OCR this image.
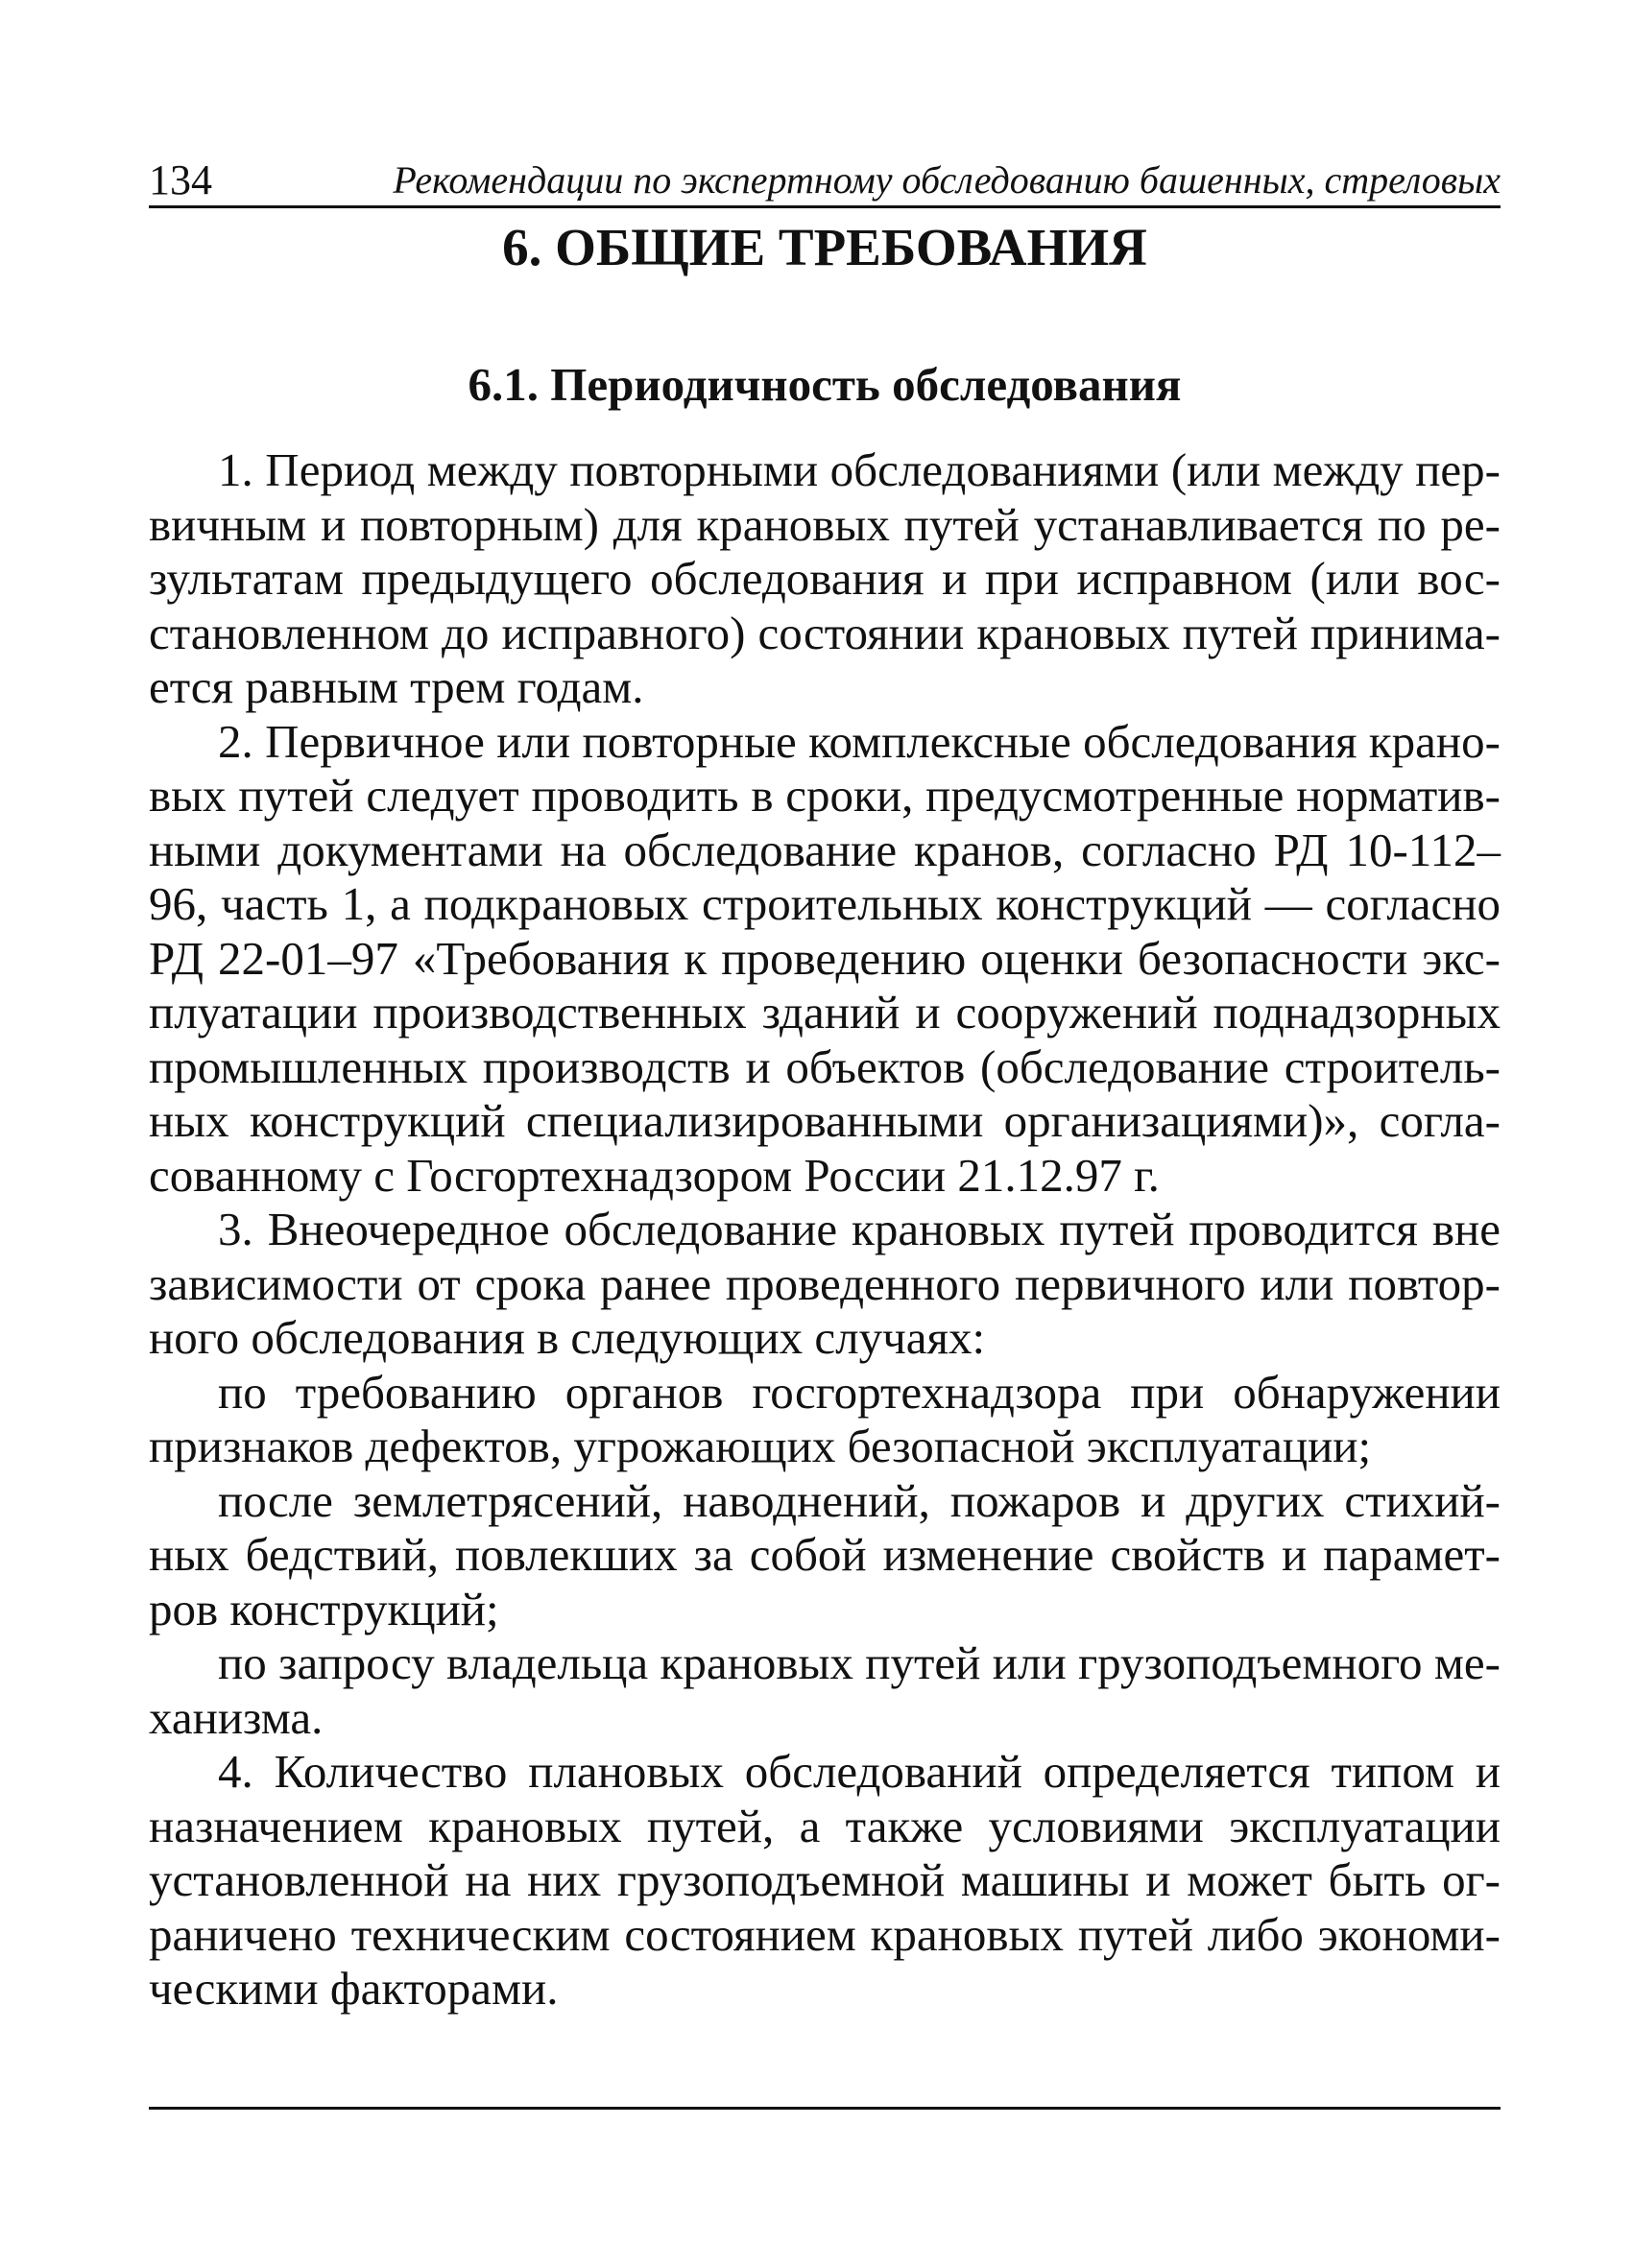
134	Рекомендации по экспертному обследованию башенных, стреловых
6. ОБЩИЕ ТРЕБОВАНИЯ
6.1. Периодичность обследования

1. Период между повторными обследованиями (или между первичным и повторным) для крановых путей устанавливается по результатам предыдущего обследования и при исправном (или восстановленном до исправного) состоянии крановых путей принимается равным трем годам.

2. Первичное или повторные комплексные обследования крановых путей следует проводить в сроки, предусмотренные нормативными документами на обследование кранов, согласно РД 10-112–96, часть 1, а подкрановых строительных конструкций — согласно РД 22-01–97 «Требования к проведению оценки безопасности эксплуатации производственных зданий и сооружений поднадзорных промышленных производств и объектов (обследование строительных конструкций специализированными организациями)», согласованному с Госгортехнадзором России 21.12.97 г.

3. Внеочередное обследование крановых путей проводится вне зависимости от срока ранее проведенного первичного или повторного обследования в следующих случаях:

по требованию органов госгортехнадзора при обнаружении признаков дефектов, угрожающих безопасной эксплуатации;

после землетрясений, наводнений, пожаров и других стихийных бедствий, повлекших за собой изменение свойств и параметров конструкций;

по запросу владельца крановых путей или грузоподъемного механизма.

4. Количество плановых обследований определяется типом и назначением крановых путей, а также условиями эксплуатации установленной на них грузоподъемной машины и может быть ограничено техническим состоянием крановых путей либо экономическими факторами.
